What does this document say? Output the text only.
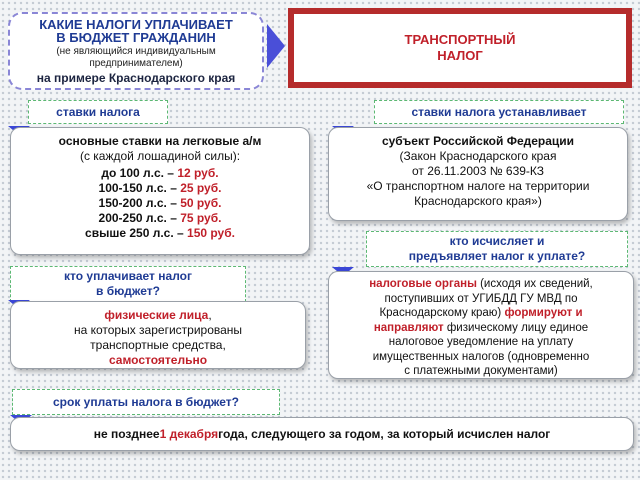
КАКИЕ НАЛОГИ УПЛАЧИВАЕТ
В БЮДЖЕТ ГРАЖДАНИН
(не являющийся индивидуальным
предпринимателем)
на примере Краснодарского края
ТРАНСПОРТНЫЙ
НАЛОГ
ставки налога
основные ставки на легковые а/м
(с каждой лошадиной силы):
до 100 л.с. – 12 руб.
100-150 л.с. – 25 руб.
150-200 л.с. – 50 руб.
200-250 л.с. – 75 руб.
свыше 250 л.с. – 150 руб.
ставки налога устанавливает
субъект Российской Федерации
(Закон Краснодарского края
от 26.11.2003 № 639-КЗ
«О транспортном налоге на территории
Краснодарского края»)
кто исчисляет и
предъявляет налог к уплате?
налоговые органы (исходя их сведений,
поступивших от УГИБДД ГУ МВД по
Краснодарскому краю) формируют и
направляют физическому лицу единое
налоговое уведомление на уплату
имущественных налогов (одновременно
с платежными документами)
кто уплачивает налог
в бюджет?
физические лица,
на которых зарегистрированы
транспортные средства,
самостоятельно
срок уплаты налога в бюджет?
не позднее 1 декабря года, следующего за годом, за который исчислен налог
